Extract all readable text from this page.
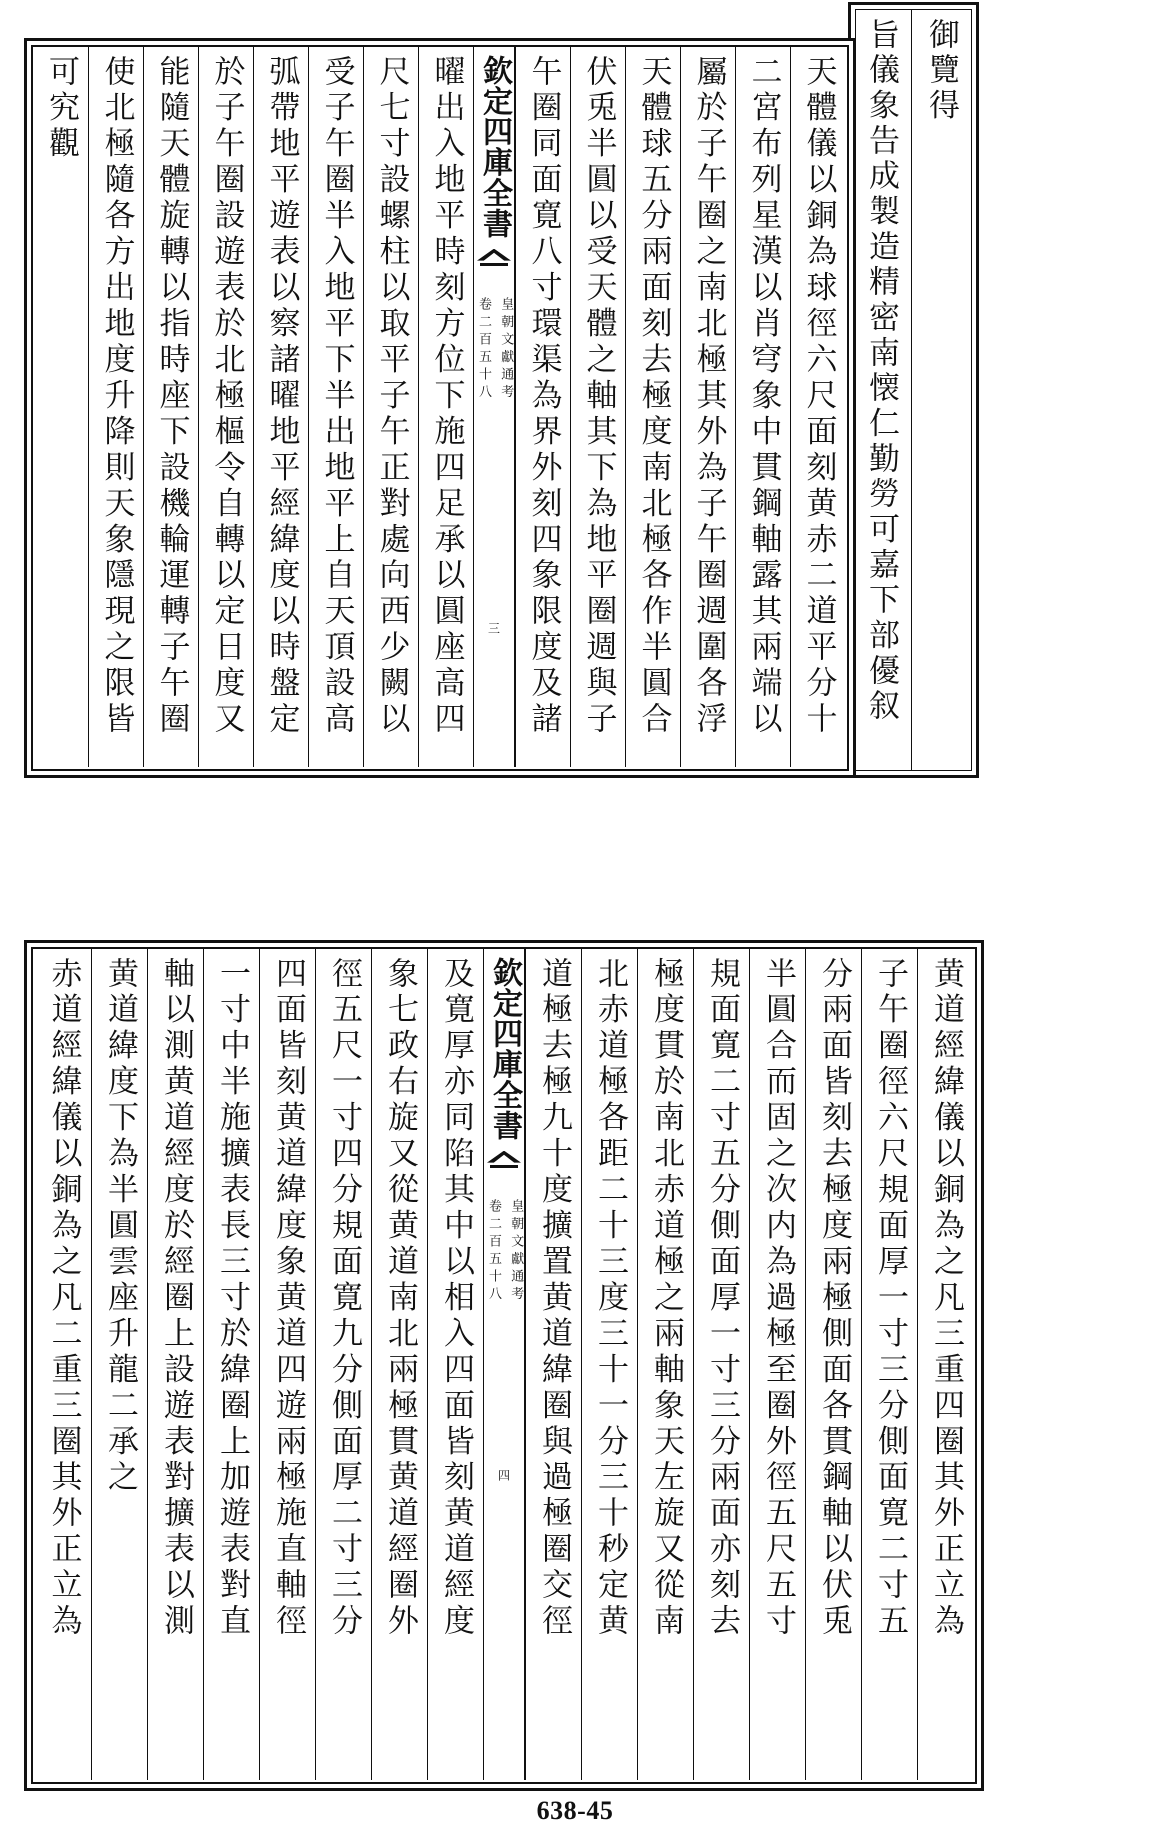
御覽得
旨儀象告成製造精密南懐仁勤勞可嘉下部優叙
天體儀以銅為球徑六尺面刻黄赤二道平分十
二宮布列星漢以肖穹象中貫鋼軸露其兩端以
屬於子午圈之南北極其外為子午圈週圍各浮
天體球五分兩面刻去極度南北極各作半圓合
伏兎半圓以受天體之軸其下為地平圈週與子
午圈同面寛八寸環渠為界外刻四象限度及諸
欽定四庫全書
皇朝文獻通考
卷二百五十八
三
曜出入地平時刻方位下施四足承以圓座高四
尺七寸設螺柱以取平子午正對處向西少闕以
受子午圈半入地平下半出地平上自天頂設高
弧帶地平遊表以察諸曜地平經緯度以時盤定
於子午圈設遊表於北極樞令自轉以定日度又
能隨天體旋轉以指時座下設機輪運轉子午圈
使北極隨各方出地度升降則天象隱現之限皆
可究觀
黄道經緯儀以銅為之凡三重四圈其外正立為
子午圈徑六尺規面厚一寸三分側面寛二寸五
分兩面皆刻去極度兩極側面各貫鋼軸以伏兎
半圓合而固之次内為過極至圈外徑五尺五寸
規面寛二寸五分側面厚一寸三分兩面亦刻去
極度貫於南北赤道極之兩軸象天左旋又從南
北赤道極各距二十三度三十一分三十秒定黄
道極去極九十度擴置黄道緯圈與過極圈交徑
欽定四庫全書
皇朝文獻通考
卷二百五十八
四
及寛厚亦同陷其中以相入四面皆刻黄道經度
象七政右旋又從黄道南北兩極貫黄道經圈外
徑五尺一寸四分規面寛九分側面厚二寸三分
四面皆刻黄道緯度象黄道四遊兩極施直軸徑
一寸中半施擴表長三寸於緯圈上加遊表對直
軸以測黄道經度於經圈上設遊表對擴表以測
黄道緯度下為半圓雲座升龍二承之
赤道經緯儀以銅為之凡二重三圈其外正立為
638-45
